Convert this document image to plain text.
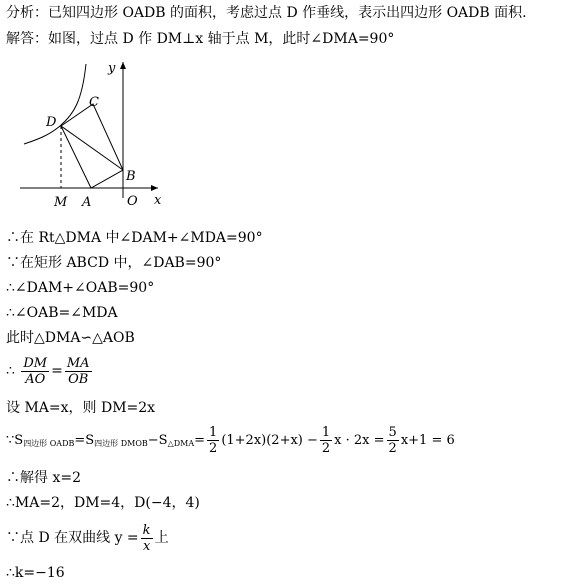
分析：已知四边形 OADB 的面积，考虑过点 D 作垂线，表示出四边形 OADB 面积.
解答：如图，过点 D 作 DM⊥x 轴于点 M，此时∠DMA=90°
x
y
D
C
B
M A	O
∴在 Rt△DMA 中∠DAM+∠MDA=90°
∵在矩形 ABCD 中，∠DAB=90°
∴∠DAM+∠OAB=90°
∴∠OAB=∠MDA
此时△DMA∽△AOB
∴ $\frac{DM}{AO} = \frac{MA}{OB}$
设 MA=x，则 DM=2x
$\because S_{四边形 OADB}=S_{四边形 DMOB}-S_{\triangle DMA}= \frac{1}{2} (1+2x)(2+x) - \frac{1}{2}$ $x \cdot 2x = \frac{5}{2} x+1 = 6$
∴解得 x=2
∴MA=2，DM=4，D(−4，4)
∵点 D 在双曲线 $y = \frac{k}{x}$ 上
∴k=−16
